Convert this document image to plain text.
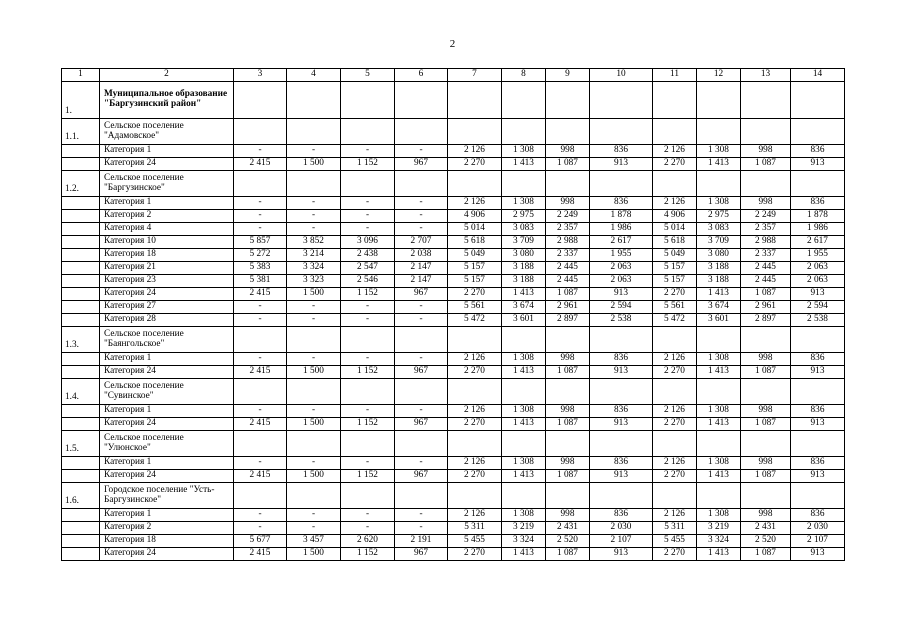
2
1	2	3	4	5	6	7	8	9	10	11	12	13	14
1.	Муниципальное образование "Баргузинский район"												
1.1.	Сельское поселение "Адамовское"												
	Категория 1	-	-	-	-	2 126	1 308	998	836	2 126	1 308	998	836
	Категория 24	2 415	1 500	1 152	967	2 270	1 413	1 087	913	2 270	1 413	1 087	913
1.2.	Сельское поселение "Баргузинское"												
	Категория 1	-	-	-	-	2 126	1 308	998	836	2 126	1 308	998	836
	Категория 2	-	-	-	-	4 906	2 975	2 249	1 878	4 906	2 975	2 249	1 878
	Категория 4	-	-	-	-	5 014	3 083	2 357	1 986	5 014	3 083	2 357	1 986
	Категория 10	5 857	3 852	3 096	2 707	5 618	3 709	2 988	2 617	5 618	3 709	2 988	2 617
	Категория 18	5 272	3 214	2 438	2 038	5 049	3 080	2 337	1 955	5 049	3 080	2 337	1 955
	Категория 21	5 383	3 324	2 547	2 147	5 157	3 188	2 445	2 063	5 157	3 188	2 445	2 063
	Категория 23	5 381	3 323	2 546	2 147	5 157	3 188	2 445	2 063	5 157	3 188	2 445	2 063
	Категория 24	2 415	1 500	1 152	967	2 270	1 413	1 087	913	2 270	1 413	1 087	913
	Категория 27	-	-	-	-	5 561	3 674	2 961	2 594	5 561	3 674	2 961	2 594
	Категория 28	-	-	-	-	5 472	3 601	2 897	2 538	5 472	3 601	2 897	2 538
1.3.	Сельское поселение "Баянгольское"												
	Категория 1	-	-	-	-	2 126	1 308	998	836	2 126	1 308	998	836
	Категория 24	2 415	1 500	1 152	967	2 270	1 413	1 087	913	2 270	1 413	1 087	913
1.4.	Сельское поселение "Сувинское"												
	Категория 1	-	-	-	-	2 126	1 308	998	836	2 126	1 308	998	836
	Категория 24	2 415	1 500	1 152	967	2 270	1 413	1 087	913	2 270	1 413	1 087	913
1.5.	Сельское поселение "Улюнское"												
	Категория 1	-	-	-	-	2 126	1 308	998	836	2 126	1 308	998	836
	Категория 24	2 415	1 500	1 152	967	2 270	1 413	1 087	913	2 270	1 413	1 087	913
1.6.	Городское поселение "Усть-Баргузинское"												
	Категория 1	-	-	-	-	2 126	1 308	998	836	2 126	1 308	998	836
	Категория 2	-	-	-	-	5 311	3 219	2 431	2 030	5 311	3 219	2 431	2 030
	Категория 18	5 677	3 457	2 620	2 191	5 455	3 324	2 520	2 107	5 455	3 324	2 520	2 107
	Категория 24	2 415	1 500	1 152	967	2 270	1 413	1 087	913	2 270	1 413	1 087	913
